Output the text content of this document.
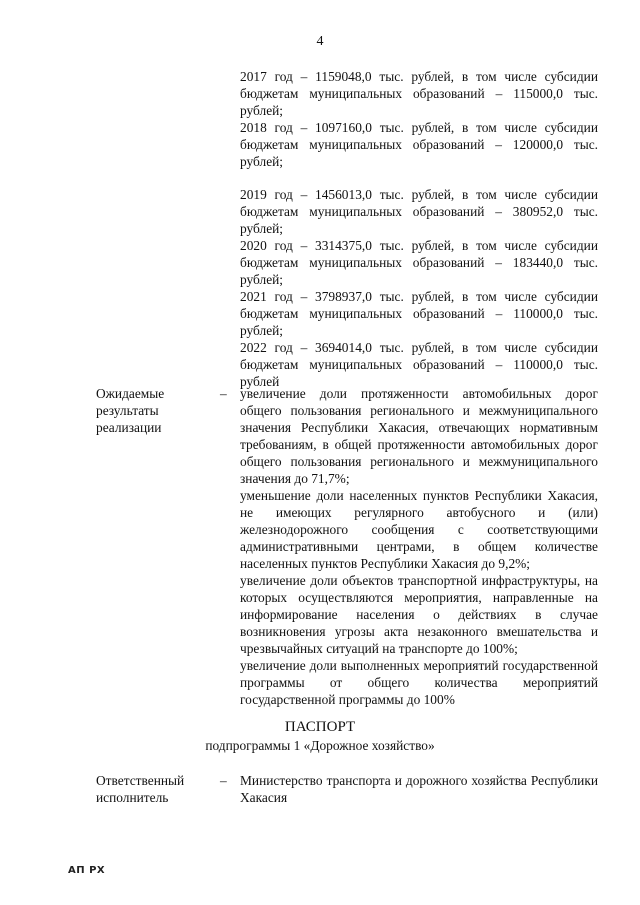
4
2017 год – 1159048,0 тыс. рублей, в том числе субсидии
бюджетам муниципальных образований – 115000,0 тыс.
рублей;
2018 год – 1097160,0 тыс. рублей, в том числе субсидии
бюджетам муниципальных образований – 120000,0 тыс.
рублей;
2019 год – 1456013,0 тыс. рублей, в том числе субсидии
бюджетам муниципальных образований – 380952,0 тыс.
рублей;
2020 год – 3314375,0 тыс. рублей, в том числе субсидии
бюджетам муниципальных образований – 183440,0 тыс.
рублей;
2021 год – 3798937,0 тыс. рублей, в том числе субсидии
бюджетам муниципальных образований – 110000,0 тыс.
рублей;
2022 год – 3694014,0 тыс. рублей, в том числе субсидии
бюджетам муниципальных образований – 110000,0 тыс.
рублей
Ожидаемые
результаты
реализации
– увеличение доли протяженности автомобильных дорог общего пользования регионального и межмуниципального значения Республики Хакасия, отвечающих нормативным требованиям, в общей протяженности автомобильных дорог общего пользования регионального и межмуниципального значения до 71,7%;

уменьшение доли населенных пунктов Республики Хакасия, не имеющих регулярного автобусного и (или) железнодорожного сообщения с соответствующими административными центрами, в общем количестве населенных пунктов Республики Хакасия до 9,2%;

увеличение доли объектов транспортной инфраструктуры, на которых осуществляются мероприятия, направленные на информирование населения о действиях в случае возникновения угрозы акта незаконного вмешательства и чрезвычайных ситуаций на транспорте до 100%;

увеличение доли выполненных мероприятий государственной программы от общего количества мероприятий государственной программы до 100%

ПАСПОРТ
подпрограммы 1 «Дорожное хозяйство»
Ответственный
исполнитель
– Министерство транспорта и дорожного хозяйства Республики Хакасия

АП РХ
